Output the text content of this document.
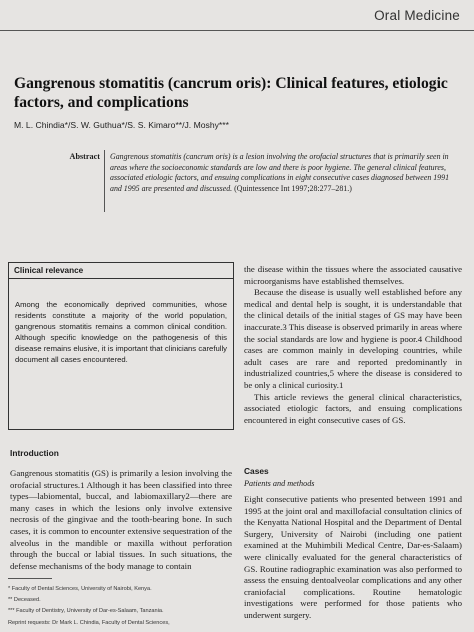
Oral Medicine
Gangrenous stomatitis (cancrum oris): Clinical features, etiologic factors, and complications
M. L. Chindia*/S. W. Guthua*/S. S. Kimaro**/J. Moshy***
Abstract Gangrenous stomatitis (cancrum oris) is a lesion involving the orofacial structures that is primarily seen in areas where the socioeconomic standards are low and there is poor hygiene. The general clinical features, associated etiologic factors, and ensuing complications in eight consecutive cases diagnosed between 1991 and 1995 are presented and discussed. (Quintessence Int 1997;28:277–281.)
Clinical relevance
Among the economically deprived communities, whose residents constitute a majority of the world population, gangrenous stomatitis remains a common clinical condition. Although specific knowledge on the pathogenesis of this disease remains elusive, it is important that clinicians carefully document all cases encountered.
Introduction

Gangrenous stomatitis (GS) is primarily a lesion involving the orofacial structures.1 Although it has been classified into three types—labiomental, buccal, and labiomaxillary2—there are many cases in which the lesions only involve extensive necrosis of the gingivae and the tooth-bearing bone. In such cases, it is common to encounter extensive sequestration of the alveolus in the mandible or maxilla without perforation through the buccal or labial tissues. In such situations, the defense mechanisms of the body manage to contain

the disease within the tissues where the associated causative microorganisms have established themselves.

Because the disease is usually well established before any medical and dental help is sought, it is understandable that the clinical details of the initial stages of GS may have been inaccurate.3 This disease is observed primarily in areas where the social standards are low and hygiene is poor.4 Childhood cases are common mainly in developing countries, while adult cases are rare and reported predominantly in industrialized countries,5 where the disease is considered to be only a clinical curiosity.1

This article reviews the general clinical characteristics, associated etiologic factors, and ensuing complications encountered in eight consecutive cases of GS.

Cases
Patients and methods

Eight consecutive patients who presented between 1991 and 1995 at the joint oral and maxillofacial consultation clinics of the Kenyatta National Hospital and the Department of Dental Surgery, University of Nairobi (including one patient examined at the Muhimbili Medical Centre, Dar-es-Salaam) were clinically evaluated for the general characteristics of GS. Routine radiographic examination was also performed to assess the ensuing dentoalveolar complications and any other craniofacial complications. Routine hematologic investigations were performed for those patients who underwent surgery.

* Faculty of Dental Sciences, University of Nairobi, Kenya.
** Deceased.
*** Faculty of Dentistry, University of Dar-es-Salaam, Tanzania.
Reprint requests: Dr Mark L. Chindia, Faculty of Dental Sciences,
